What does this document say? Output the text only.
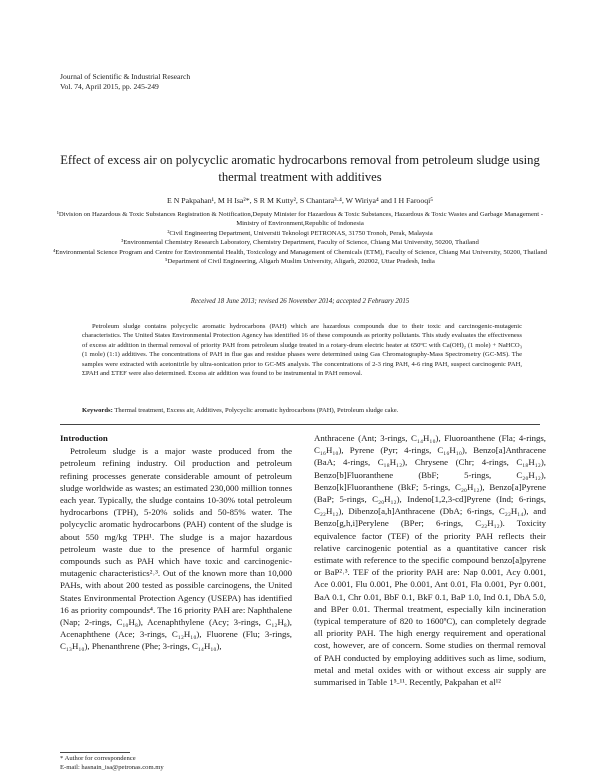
Journal of Scientific & Industrial Research
Vol. 74, April 2015, pp. 245-249
Effect of excess air on polycyclic aromatic hydrocarbons removal from petroleum sludge using thermal treatment with additives
E N Pakpahan¹, M H Isa²*, S R M Kutty², S Chantara³·⁴, W Wiriya⁴ and I H Farooqi⁵
¹Division on Hazardous & Toxic Substances Registration & Notification,Deputy Minister for Hazardous & Toxic Substances, Hazardous & Toxic Wastes and Garbage Management - Ministry of Environment,Republic of Indonesia
²Civil Engineering Department, Universiti Teknologi PETRONAS, 31750 Tronoh, Perak, Malaysia
³Environmental Chemistry Research Laboratory, Chemistry Department, Faculty of Science, Chiang Mai University, 50200, Thailand
⁴Environmental Science Program and Centre for Environmental Health, Toxicology and Management of Chemicals (ETM), Faculty of Science, Chiang Mai University, 50200, Thailand
⁵Department of Civil Engineering, Aligarh Muslim University, Aligarh, 202002, Uttar Pradesh, India
Received 18 June 2013; revised 26 November 2014; accepted 2 February 2015
Petroleum sludge contains polycyclic aromatic hydrocarbons (PAH) which are hazardous compounds due to their toxic and carcinogenic-mutagenic characteristics. The United States Environmental Protection Agency has identified 16 of these compounds as priority pollutants. This study evaluates the effectiveness of excess air addition in thermal removal of priority PAH from petroleum sludge treated in a rotary-drum electric heater at 650ºC with Ca(OH)₂ (1 mole) + NaHCO₃ (1 mole) (1:1) additives. The concentrations of PAH in flue gas and residue phases were determined using Gas Chromatography-Mass Spectrometry (GC-MS). The samples were extracted with acetonitrile by ultra-sonication prior to GC-MS analysis. The concentrations of 2-3 ring PAH, 4-6 ring PAH, suspect carcinogenic PAH, ΣPAH and ΣTEF were also determined. Excess air addition was found to be instrumental in PAH removal.
Keywords: Thermal treatment, Excess air, Additives, Polycyclic aromatic hydrocarbons (PAH), Petroleum sludge cake.
Introduction

Petroleum sludge is a major waste produced from the petroleum refining industry. Oil production and petroleum refining processes generate considerable amount of petroleum sludge worldwide as wastes; an estimated 230,000 million tonnes each year. Typically, the sludge contains 10-30% total petroleum hydrocarbons (TPH), 5-20% solids and 50-85% water. The polycyclic aromatic hydrocarbons (PAH) content of the sludge is about 550 mg/kg TPH¹. The sludge is a major hazardous petroleum waste due to the presence of harmful organic compounds such as PAH which have toxic and carcinogenic-mutagenic characteristics²˒³. Out of the known more than 10,000 PAHs, with about 200 tested as possible carcinogens, the United States Environmental Protection Agency (USEPA) has identified 16 as priority compounds⁴. The 16 priority PAH are: Naphthalene (Nap; 2-rings, C₁₀H₈), Acenaphthylene (Acy; 3-rings, C₁₂H₈), Acenaphthene (Ace; 3-rings, C₁₂H₁₀), Fluorene (Flu; 3-rings, C₁₃H₁₀), Phenanthrene (Phe; 3-rings, C₁₄H₁₀),

Anthracene (Ant; 3-rings, C₁₄H₁₀), Fluoroanthene (Fla; 4-rings, C₁₆H₁₀), Pyrene (Pyr; 4-rings, C₁₆H₁₀), Benzo[a]Anthracene (BaA; 4-rings, C₁₈H₁₂), Chrysene (Chr; 4-rings, C₁₈H₁₂), Benzo[b]Fluoranthene (BbF; 5-rings, C₂₀H₁₂), Benzo[k]Fluoranthene (BkF; 5-rings, C₂₀H₁₂), Benzo[a]Pyrene (BaP; 5-rings, C₂₀H₁₂), Indeno[1,2,3-cd]Pyrene (Ind; 6-rings, C₂₂H₁₂), Dibenzo[a,h]Anthracene (DbA; 6-rings, C₂₂H₁₄), and Benzo[g,h,i]Perylene (BPer; 6-rings, C₂₂H₁₂). Toxicity equivalence factor (TEF) of the priority PAH reflects their relative carcinogenic potential as a quantitative cancer risk estimate with reference to the specific compound benzo[a]pyrene or BaP²˒³. TEF of the priority PAH are: Nap 0.001, Acy 0.001, Ace 0.001, Flu 0.001, Phe 0.001, Ant 0.01, Fla 0.001, Pyr 0.001, BaA 0.1, Chr 0.01, BbF 0.1, BkF 0.1, BaP 1.0, Ind 0.1, DbA 5.0, and BPer 0.01. Thermal treatment, especially kiln incineration (typical temperature of 820 to 1600ºC), can completely degrade all priority PAH. The high energy requirement and operational cost, however, are of concern. Some studies on thermal removal of PAH conducted by employing additives such as lime, sodium, metal and metal oxides with or without excess air supply are summarised in Table 1⁵˗¹¹. Recently, Pakpahan et al¹²

* Author for correspondence
E-mail: hasnain_isa@petronas.com.my
